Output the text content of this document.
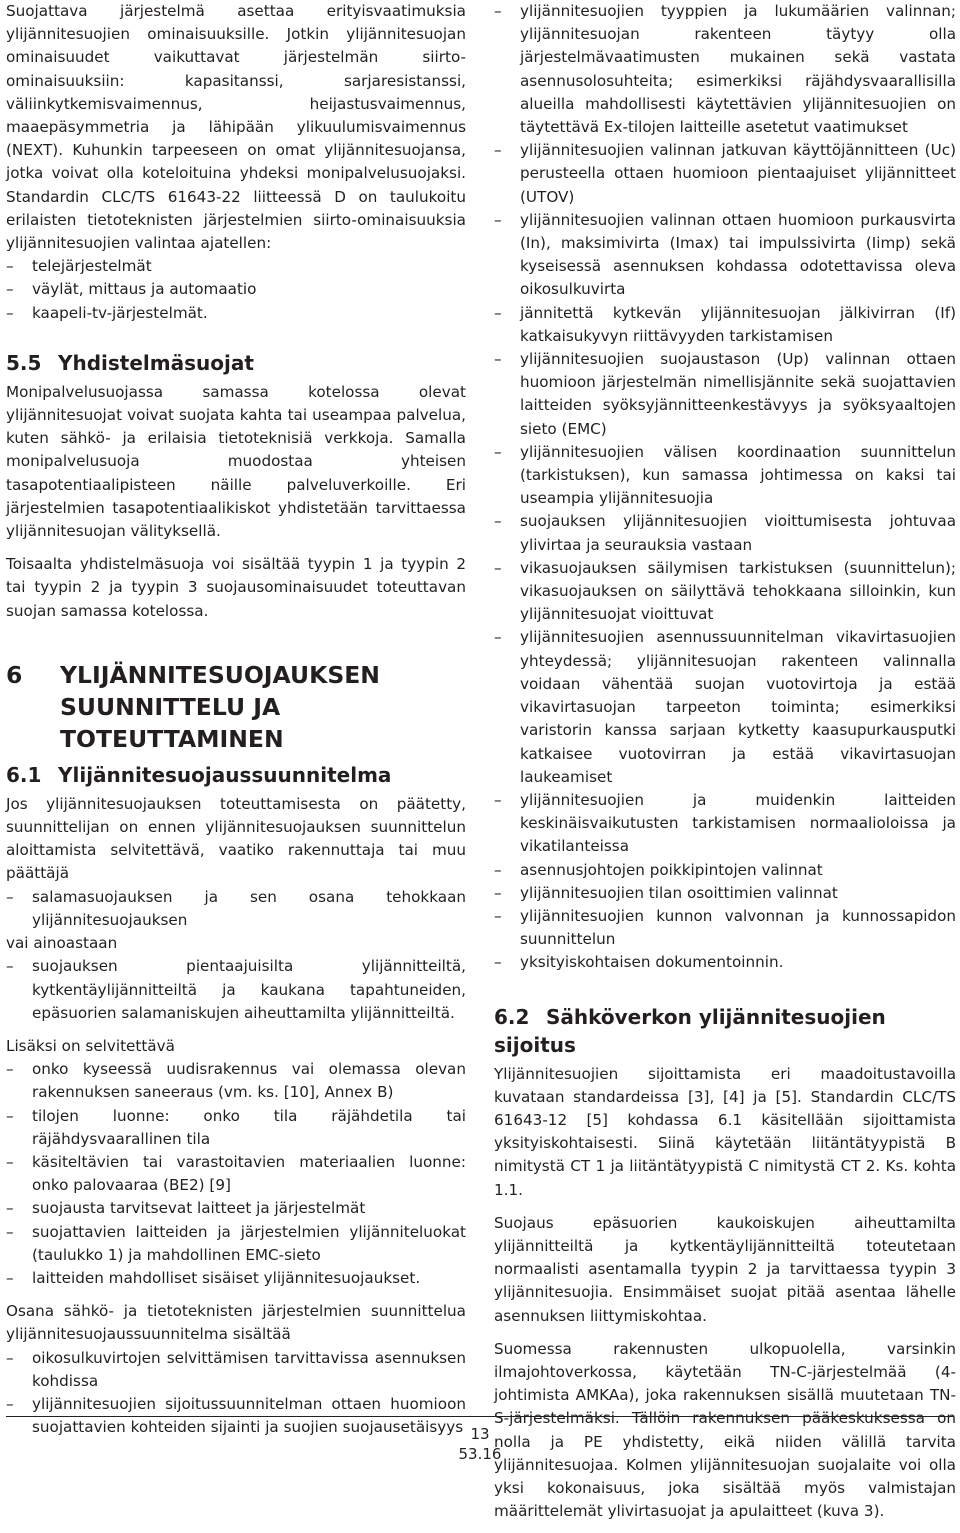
Suojattava järjestelmä asettaa erityisvaatimuksia ylijännitesuojien ominaisuuksille. Jotkin ylijännitesuojan ominaisuudet vaikuttavat järjestelmän siirto-ominaisuuksiin: kapasitanssi, sarjaresistanssi, väliinkytkemisvaimennus, heijastusvaimennus, maaepäsymmetria ja lähipään ylikuulumisvaimennus (NEXT). Kuhunkin tarpeeseen on omat ylijännitesuojansa, jotka voivat olla koteloituina yhdeksi monipalvelusuojaksi. Standardin CLC/TS 61643-22 liitteessä D on taulukoitu erilaisten tietoteknisten järjestelmien siirto-ominaisuuksia ylijännitesuojien valintaa ajatellen:

– telejärjestelmät
– väylät, mittaus ja automaatio
– kaapeli-tv-järjestelmät.
5.5 Yhdistelmäsuojat

Monipalvelusuojassa samassa kotelossa olevat ylijännitesuojat voivat suojata kahta tai useampaa palvelua, kuten sähkö- ja erilaisia tietoteknisiä verkkoja. Samalla monipalvelusuoja muodostaa yhteisen tasapotentiaalipisteen näille palveluverkoille. Eri järjestelmien tasapotentiaalikiskot yhdistetään tarvittaessa ylijännitesuojan välityksellä.

Toisaalta yhdistelmäsuoja voi sisältää tyypin 1 ja tyypin 2 tai tyypin 2 ja tyypin 3 suojausominaisuudet toteuttavan suojan samassa kotelossa.

6	YLIJÄNNITESUOJAUKSEN SUUNNITTELU JA TOTEUTTAMINEN
6.1 Ylijännitesuojaussuunnitelma

Jos ylijännitesuojauksen toteuttamisesta on päätetty, suunnittelijan on ennen ylijännitesuojauksen suunnittelun aloittamista selvitettävä, vaatiko rakennuttaja tai muu päättäjä

– salamasuojauksen ja sen osana tehokkaan ylijännitesuojauksen

vai ainoastaan

– suojauksen pientaajuisilta ylijännitteiltä, kytkentäylijännitteiltä ja kaukana tapahtuneiden, epäsuorien salamaniskujen aiheuttamilta ylijännitteiltä.

Lisäksi on selvitettävä

– onko kyseessä uudisrakennus vai olemassa olevan rakennuksen saneeraus (vm. ks. [10], Annex B)
– tilojen luonne: onko tila räjähdetila tai räjähdysvaarallinen tila
– käsiteltävien tai varastoitavien materiaalien luonne: onko palovaaraa (BE2) [9]
– suojausta tarvitsevat laitteet ja järjestelmät
– suojattavien laitteiden ja järjestelmien ylijänniteluokat (taulukko 1) ja mahdollinen EMC-sieto
– laitteiden mahdolliset sisäiset ylijännitesuojaukset.

Osana sähkö- ja tietoteknisten järjestelmien suunnittelua ylijännitesuojaussuunnitelma sisältää

– oikosulkuvirtojen selvittämisen tarvittavissa asennuksen kohdissa
– ylijännitesuojien sijoitussuunnitelman ottaen huomioon suojattavien kohteiden sijainti ja suojien suojausetäisyys
– ylijännitesuojien tyyppien ja lukumäärien valinnan; ylijännitesuojan rakenteen täytyy olla järjestelmävaatimusten mukainen sekä vastata asennusolosuhteita; esimerkiksi räjähdysvaarallisilla alueilla mahdollisesti käytettävien ylijännitesuojien on täytettävä Ex-tilojen laitteille asetetut vaatimukset
– ylijännitesuojien valinnan jatkuvan käyttöjännitteen (Uc) perusteella ottaen huomioon pientaajuiset ylijännitteet (UTOV)
– ylijännitesuojien valinnan ottaen huomioon purkausvirta (In), maksimivirta (Imax) tai impulssivirta (Iimp) sekä kyseisessä asennuksen kohdassa odotettavissa oleva oikosulkuvirta
– jännitettä kytkevän ylijännitesuojan jälkivirran (If) katkaisukyvyn riittävyyden tarkistamisen
– ylijännitesuojien suojaustason (Up) valinnan ottaen huomioon järjestelmän nimellisjännite sekä suojattavien laitteiden syöksyjännitteenkestävyys ja syöksyaaltojen sieto (EMC)
– ylijännitesuojien välisen koordinaation suunnittelun (tarkistuksen), kun samassa johtimessa on kaksi tai useampia ylijännitesuojia
– suojauksen ylijännitesuojien vioittumisesta johtuvaa ylivirtaa ja seurauksia vastaan
– vikasuojauksen säilymisen tarkistuksen (suunnittelun); vikasuojauksen on säilyttävä tehokkaana silloinkin, kun ylijännitesuojat vioittuvat
– ylijännitesuojien asennussuunnitelman vikavirtasuojien yhteydessä; ylijännitesuojan rakenteen valinnalla voidaan vähentää suojan vuotovirtoja ja estää vikavirtasuojan tarpeeton toiminta; esimerkiksi varistorin kanssa sarjaan kytketty kaasupurkausputki katkaisee vuotovirran ja estää vikavirtasuojan laukeamiset
– ylijännitesuojien ja muidenkin laitteiden keskinäisvaikutusten tarkistamisen normaalioloissa ja vikatilanteissa
– asennusjohtojen poikkipintojen valinnat
– ylijännitesuojien tilan osoittimien valinnat
– ylijännitesuojien kunnon valvonnan ja kunnossapidon suunnittelun
– yksityiskohtaisen dokumentoinnin.
6.2 Sähköverkon ylijännitesuojien sijoitus

Ylijännitesuojien sijoittamista eri maadoitustavoilla kuvataan standardeissa [3], [4] ja [5]. Standardin CLC/TS 61643-12 [5] kohdassa 6.1 käsitellään sijoittamista yksityiskohtaisesti. Siinä käytetään liitäntätyypistä B nimitystä CT 1 ja liitäntätyypistä C nimitystä CT 2. Ks. kohta 1.1.

Suojaus epäsuorien kaukoiskujen aiheuttamilta ylijännitteiltä ja kytkentäylijännitteiltä toteutetaan normaalisti asentamalla tyypin 2 ja tarvittaessa tyypin 3 ylijännitesuojia. Ensimmäiset suojat pitää asentaa lähelle asennuksen liittymiskohtaa.

Suomessa rakennusten ulkopuolella, varsinkin ilmajohtoverkossa, käytetään TN-C-järjestelmää (4-johtimista AMKAa), joka rakennuksen sisällä muutetaan TN-S-järjestelmäksi. Tällöin rakennuksen pääkeskuksessa on nolla ja PE yhdistetty, eikä niiden välillä tarvita ylijännitesuojaa. Kolmen ylijännitesuojan suojalaite voi olla yksi kokonaisuus, joka sisältää myös valmistajan määrittelemät ylivirtasuojat ja apulaitteet (kuva 3).

13
53.16
